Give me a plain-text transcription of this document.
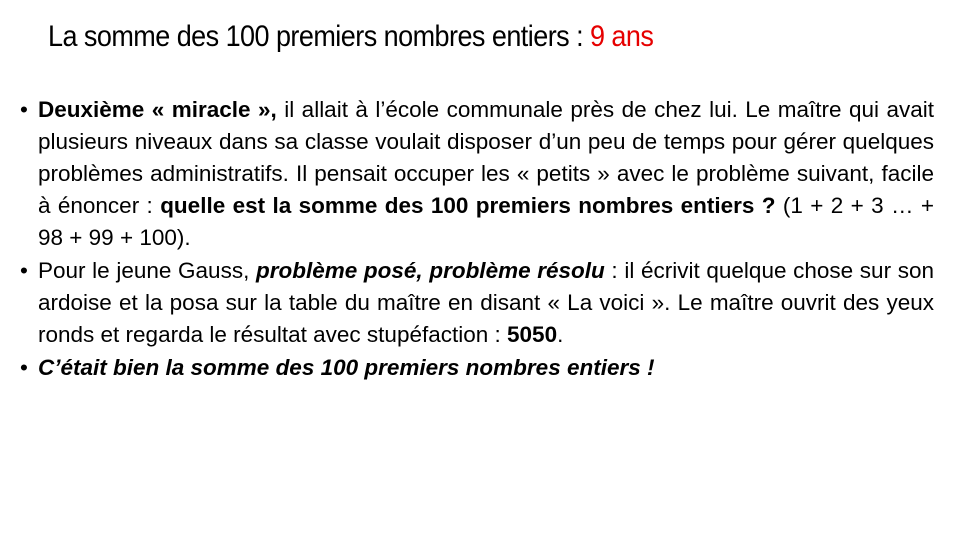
La somme des 100 premiers nombres entiers : 9 ans

• Deuxième « miracle », il allait à l’école communale près de chez lui. Le maître qui avait plusieurs niveaux dans sa classe voulait disposer d’un peu de temps pour gérer quelques problèmes administratifs. Il pensait occuper les « petits » avec le problème suivant, facile à énoncer : quelle est la somme des 100 premiers nombres entiers ? (1 + 2 + 3 … + 98 + 99 + 100).

• Pour le jeune Gauss, problème posé, problème résolu : il écrivit quelque chose sur son ardoise et la posa sur la table du maître en disant « La voici ». Le maître ouvrit des yeux ronds et regarda le résultat avec stupéfaction : 5050.

• C’était bien la somme des 100 premiers nombres entiers !
